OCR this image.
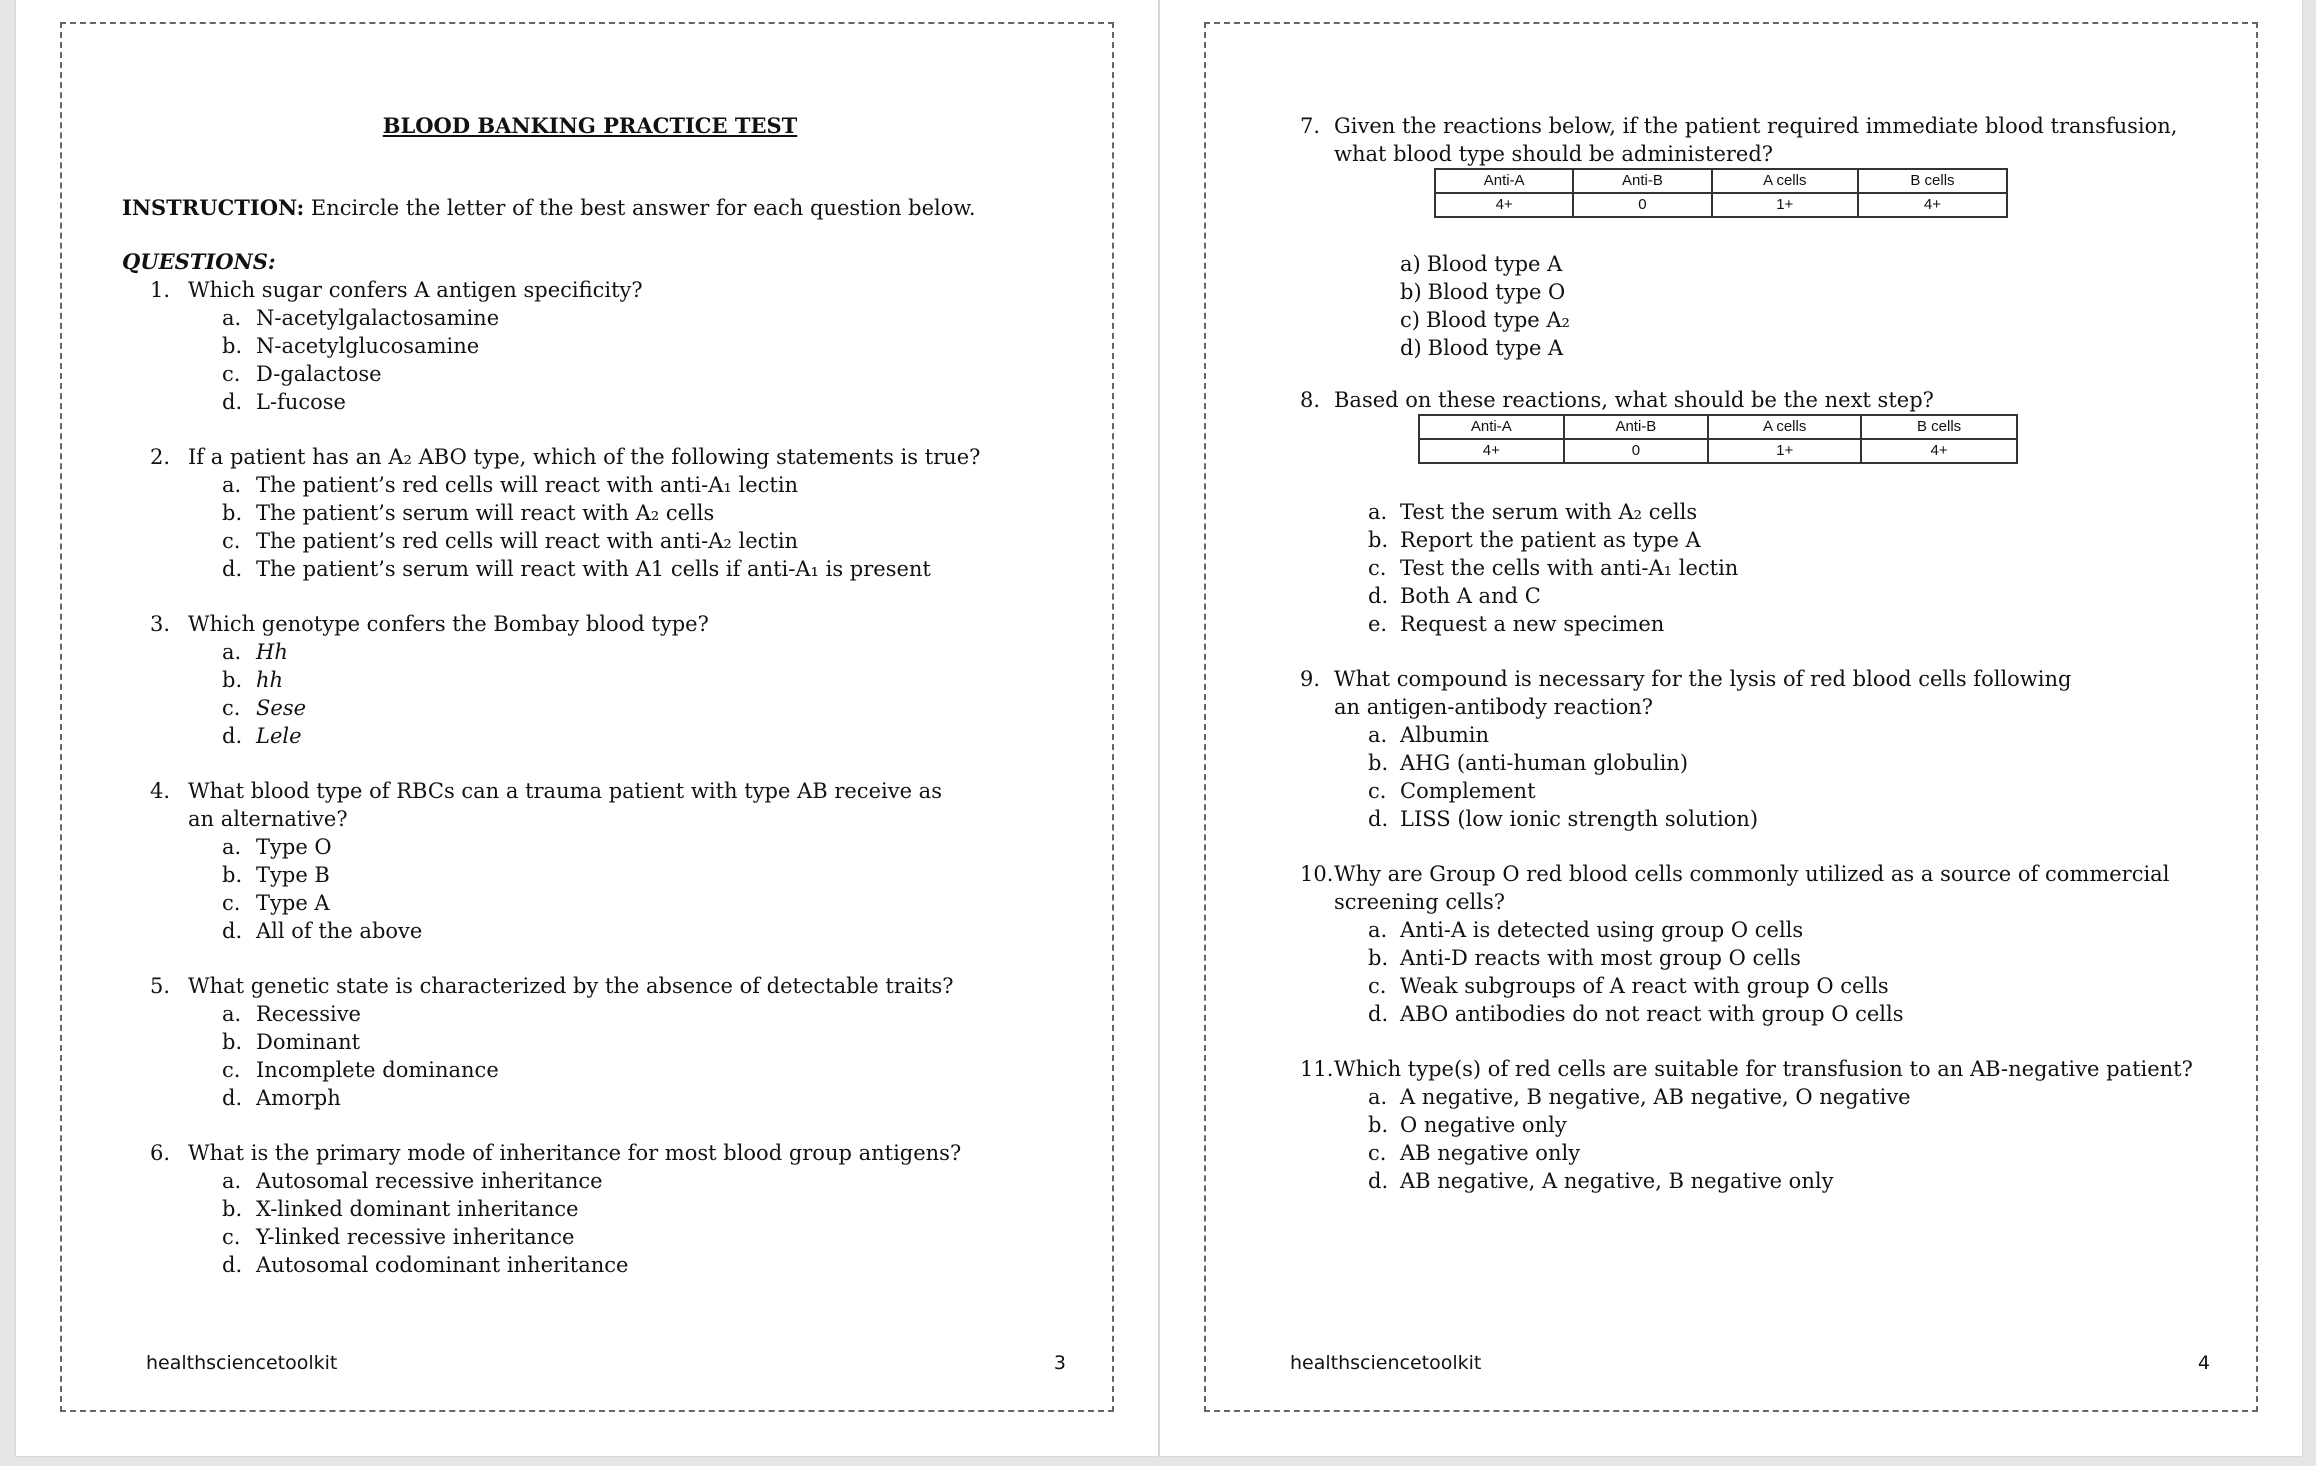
BLOOD BANKING PRACTICE TEST
INSTRUCTION: Encircle the letter of the best answer for each question below.
QUESTIONS:
1. Which sugar confers A antigen specificity?
a. N-acetylgalactosamine
b. N-acetylglucosamine
c. D-galactose
d. L-fucose
2. If a patient has an A₂ ABO type, which of the following statements is true?
a. The patient’s red cells will react with anti-A₁ lectin
b. The patient’s serum will react with A₂ cells
c. The patient’s red cells will react with anti-A₂ lectin
d. The patient’s serum will react with A1 cells if anti-A₁ is present
3. Which genotype confers the Bombay blood type?
a. Hh
b. hh
c. Sese
d. Lele
4. What blood type of RBCs can a trauma patient with type AB receive as an alternative?
a. Type O
b. Type B
c. Type A
d. All of the above
5. What genetic state is characterized by the absence of detectable traits?
a. Recessive
b. Dominant
c. Incomplete dominance
d. Amorph
6. What is the primary mode of inheritance for most blood group antigens?
a. Autosomal recessive inheritance
b. X-linked dominant inheritance
c. Y-linked recessive inheritance
d. Autosomal codominant inheritance
healthsciencetoolkit	3
7. Given the reactions below, if the patient required immediate blood transfusion, what blood type should be administered?
Anti-A	Anti-B	A cells	B cells
4+	0	1+	4+
a) Blood type A
b) Blood type O
c) Blood type A₂
d) Blood type A
8. Based on these reactions, what should be the next step?
Anti-A	Anti-B	A cells	B cells
4+	0	1+	4+
a. Test the serum with A₂ cells
b. Report the patient as type A
c. Test the cells with anti-A₁ lectin
d. Both A and C
e. Request a new specimen
9. What compound is necessary for the lysis of red blood cells following an antigen-antibody reaction?
a. Albumin
b. AHG (anti-human globulin)
c. Complement
d. LISS (low ionic strength solution)
10. Why are Group O red blood cells commonly utilized as a source of commercial screening cells?
a. Anti-A is detected using group O cells
b. Anti-D reacts with most group O cells
c. Weak subgroups of A react with group O cells
d. ABO antibodies do not react with group O cells
11. Which type(s) of red cells are suitable for transfusion to an AB-negative patient?
a. A negative, B negative, AB negative, O negative
b. O negative only
c. AB negative only
d. AB negative, A negative, B negative only
healthsciencetoolkit	4
